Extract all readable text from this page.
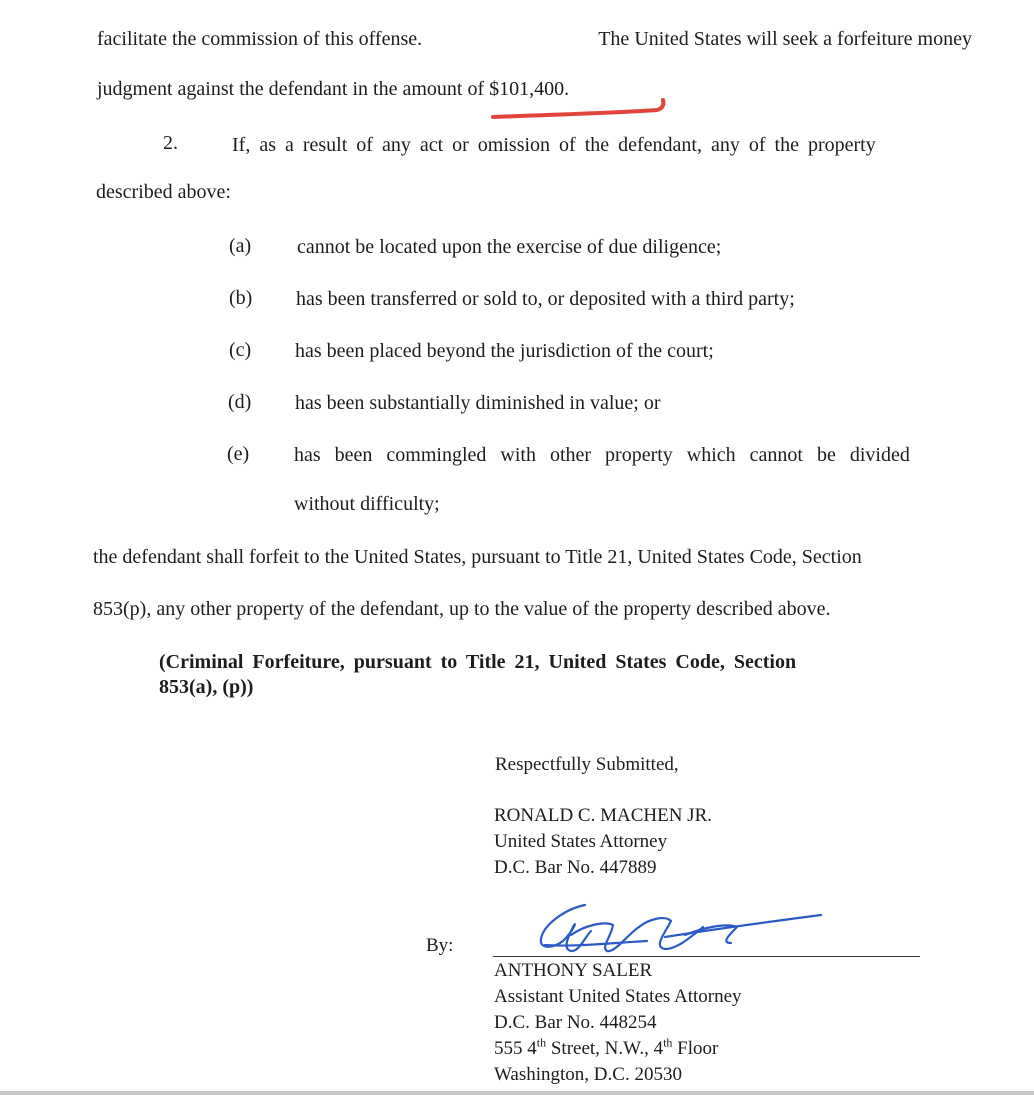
facilitate the commission of this offense.	The United States will seek a forfeiture money
judgment against the defendant in the amount of $101,400.
2.	If, as a result of any act or omission of the defendant, any of the property
described above:
(a) cannot be located upon the exercise of due diligence;
(b) has been transferred or sold to, or deposited with a third party;
(c) has been placed beyond the jurisdiction of the court;
(d) has been substantially diminished in value; or
(e) has been commingled with other property which cannot be divided
without difficulty;
the defendant shall forfeit to the United States, pursuant to Title 21, United States Code, Section
853(p), any other property of the defendant, up to the value of the property described above.
(Criminal Forfeiture, pursuant to Title 21, United States Code, Section
853(a), (p))
Respectfully Submitted,
RONALD C. MACHEN JR.
United States Attorney
D.C. Bar No. 447889
By:
ANTHONY SALER
Assistant United States Attorney
D.C. Bar No. 448254
555 4th Street, N.W., 4th Floor
Washington, D.C. 20530
